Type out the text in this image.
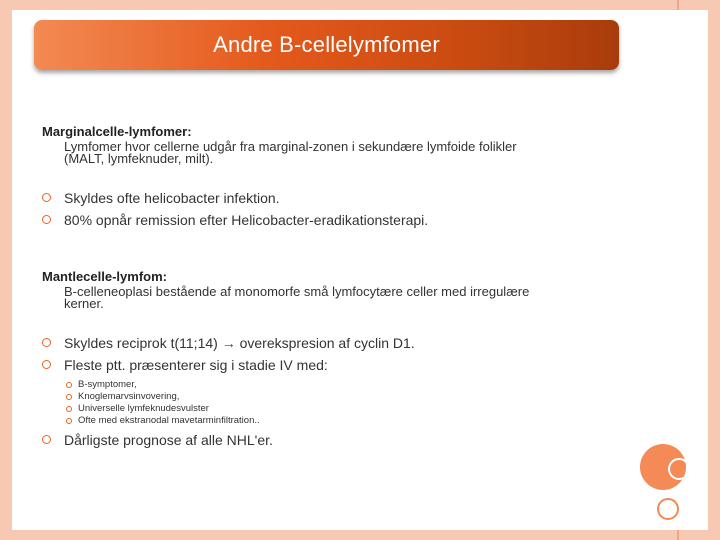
Andre B-cellelymfomer

Marginalcelle-lymfomer:

Lymfomer hvor cellerne udgår fra marginal-zonen i sekundære lymfoide folikler
(MALT, lymfeknuder, milt).
Skyldes ofte helicobacter infektion.
80% opnår remission efter Helicobacter-eradikationsterapi.

Mantlecelle-lymfom:

B-celleneoplasi bestående af monomorfe små lymfocytære celler med irregulære
kerner.
Skyldes reciprok t(11;14) → overekspresion af cyclin D1.
Fleste ptt. præsenterer sig i stadie IV med:
B-symptomer,
Knoglemarvsinvovering,
Universelle lymfeknudesvulster
Ofte med ekstranodal mavetarminfiltration..
Dårligste prognose af alle NHL'er.
